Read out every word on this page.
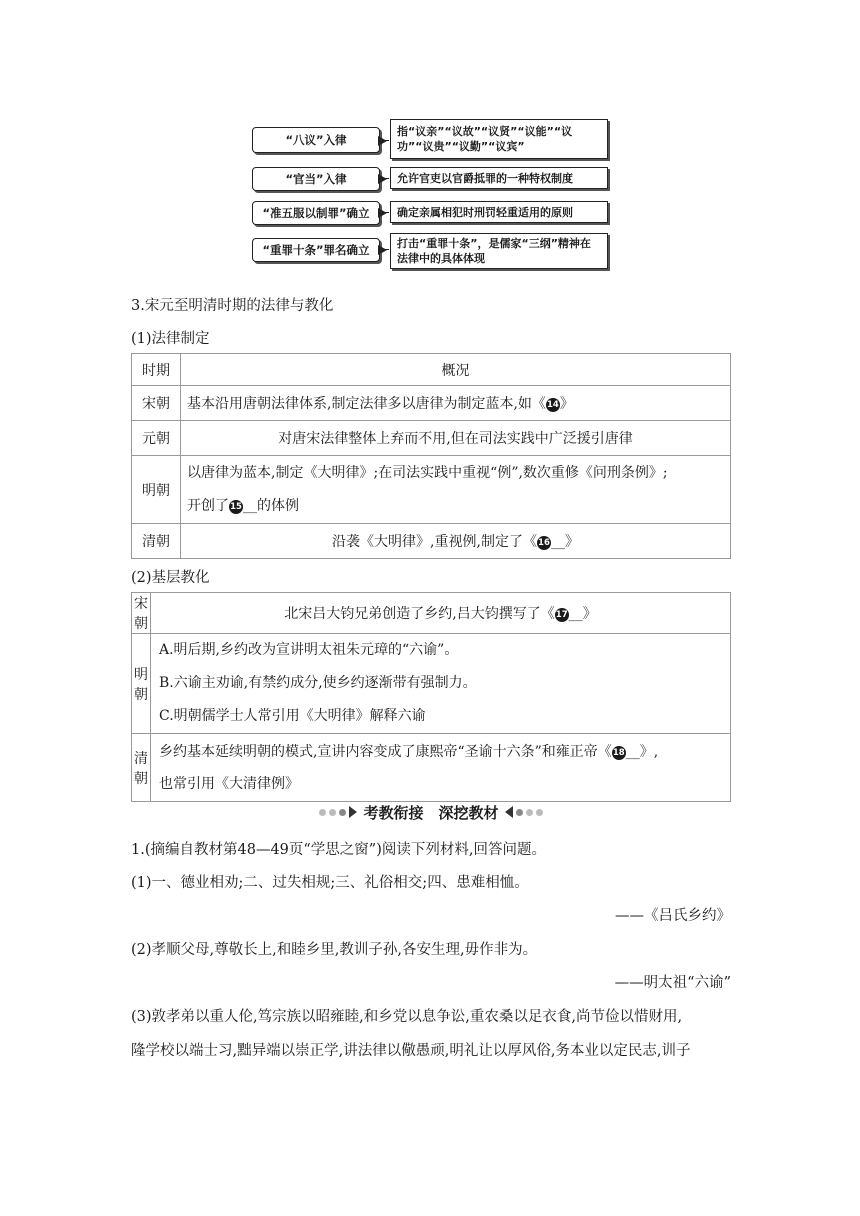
“八议”入律
指“议亲”“议故”“议贤”“议能”“议功”“议贵”“议勤”“议宾”
“官当”入律	允许官吏以官爵抵罪的一种特权制度
“准五服以制罪”确立 确定亲属相犯时刑罚轻重适用的原则
“重罪十条”罪名确立 打击“重罪十条”，是儒家“三纲”精神在法律中的具体体现
3.宋元至明清时期的法律与教化
(1)法律制定
时期	概况
宋朝	基本沿用唐朝法律体系,制定法律多以唐律为制定蓝本,如《14》
元朝	对唐宋法律整体上弃而不用,但在司法实践中广泛援引唐律
明朝	以唐律为蓝本,制定《大明律》;在司法实践中重视“例”,数次重修《问刑条例》;
开创了15__的体例

清朝	沿袭《大明律》,重视例,制定了《16__》
(2)基层教化
宋朝	北宋吕大钧兄弟创造了乡约,吕大钧撰写了《17__》
明朝	A.明后期,乡约改为宣讲明太祖朱元璋的“六谕”。
B.六谕主劝谕,有禁约成分,使乡约逐渐带有强制力。
C.明朝儒学士人常引用《大明律》解释六谕

清朝	乡约基本延续明朝的模式,宣讲内容变成了康熙帝“圣谕十六条”和雍正帝《18__》,
也常引用《大清律例》
考教衔接　深挖教材
1.(摘编自教材第48—49页“学思之窗”)阅读下列材料,回答问题。
(1)一、德业相劝;二、过失相规;三、礼俗相交;四、患难相恤。
——《吕氏乡约》
(2)孝顺父母,尊敬长上,和睦乡里,教训子孙,各安生理,毋作非为。
——明太祖“六谕”
(3)敦孝弟以重人伦,笃宗族以昭雍睦,和乡党以息争讼,重农桑以足衣食,尚节俭以惜财用,
隆学校以端士习,黜异端以崇正学,讲法律以儆愚顽,明礼让以厚风俗,务本业以定民志,训子
